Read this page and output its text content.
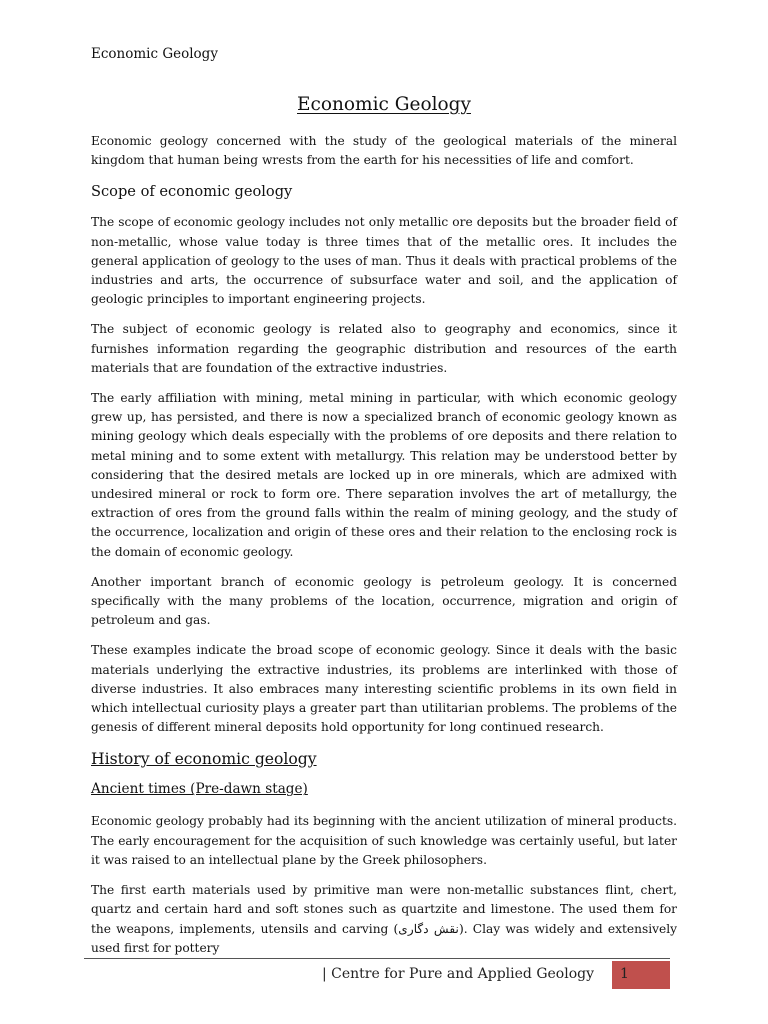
Economic Geology
Economic Geology

Economic geology concerned with the study of the geological materials of the mineral kingdom that human being wrests from the earth for his necessities of life and comfort.

Scope of economic geology

The scope of economic geology includes not only metallic ore deposits but the broader field of non-metallic, whose value today is three times that of the metallic ores. It includes the general application of geology to the uses of man. Thus it deals with practical problems of the industries and arts, the occurrence of subsurface water and soil, and the application of geologic principles to important engineering projects.

The subject of economic geology is related also to geography and economics, since it furnishes information regarding the geographic distribution and resources of the earth materials that are foundation of the extractive industries.

The early affiliation with mining, metal mining in particular, with which economic geology grew up, has persisted, and there is now a specialized branch of economic geology known as mining geology which deals especially with the problems of ore deposits and there relation to metal mining and to some extent with metallurgy. This relation may be understood better by considering that the desired metals are locked up in ore minerals, which are admixed with undesired mineral or rock to form ore. There separation involves the art of metallurgy, the extraction of ores from the ground falls within the realm of mining geology, and the study of the occurrence, localization and origin of these ores and their relation to the enclosing rock is the domain of economic geology.

Another important branch of economic geology is petroleum geology. It is concerned specifically with the many problems of the location, occurrence, migration and origin of petroleum and gas.

These examples indicate the broad scope of economic geology. Since it deals with the basic materials underlying the extractive industries, its problems are interlinked with those of diverse industries. It also embraces many interesting scientific problems in its own field in which intellectual curiosity plays a greater part than utilitarian problems. The problems of the genesis of different mineral deposits hold opportunity for long continued research.

History of economic geology
Ancient times (Pre-dawn stage)

Economic geology probably had its beginning with the ancient utilization of mineral products. The early encouragement for the acquisition of such knowledge was certainly useful, but later it was raised to an intellectual plane by the Greek philosophers.

The first earth materials used by primitive man were non-metallic substances flint, chert, quartz and certain hard and soft stones such as quartzite and limestone. The used them for the weapons, implements, utensils and carving (نقش دگاری). Clay was widely and extensively used first for pottery

| Centre for Pure and Applied Geology 1
